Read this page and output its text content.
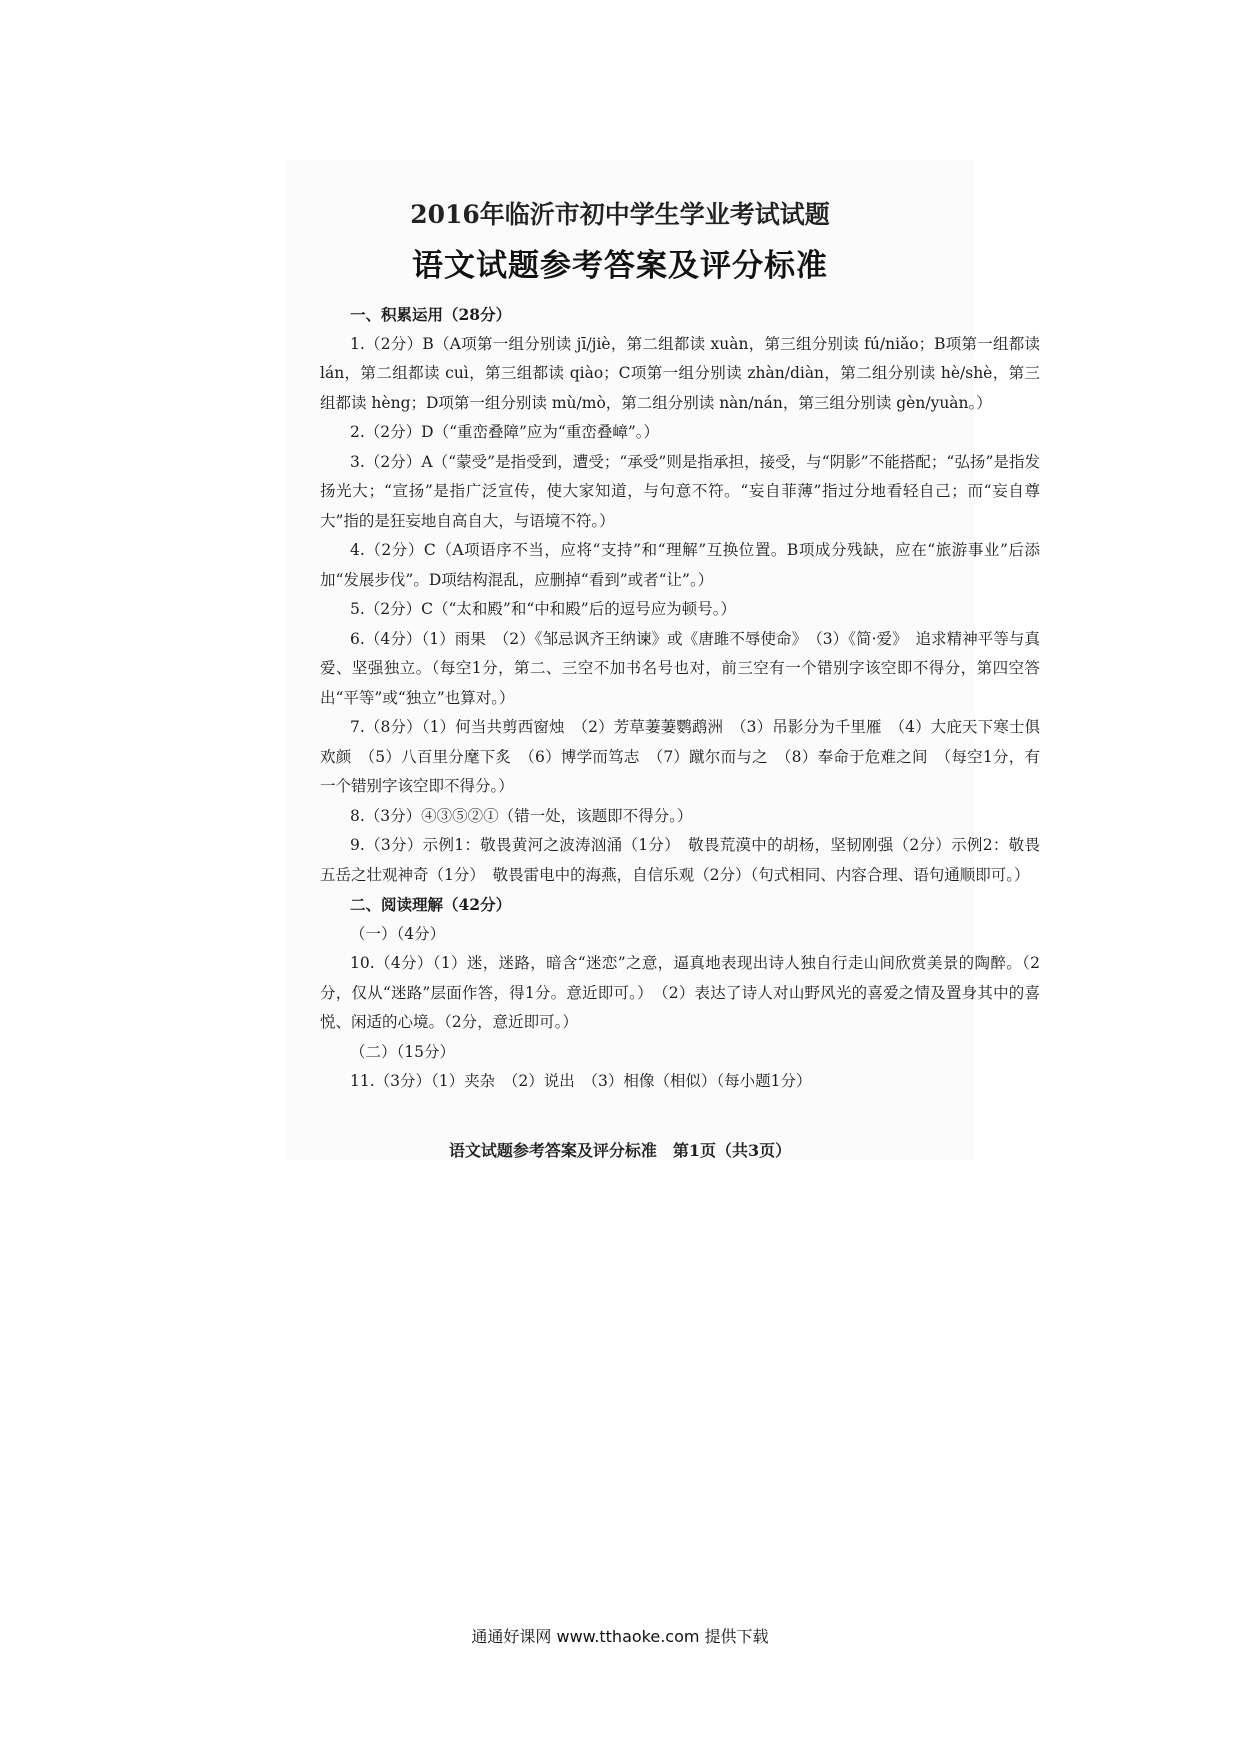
2016年临沂市初中学生学业考试试题
语文试题参考答案及评分标准

一、积累运用（28分）

1.（2分）B（A项第一组分别读 jī/jiè，第二组都读 xuàn，第三组分别读 fú/niǎo；B项第一组都读 lán，第二组都读 cuì，第三组都读 qiào；C项第一组分别读 zhàn/diàn，第二组分别读 hè/shè，第三组都读 hèng；D项第一组分别读 mù/mò，第二组分别读 nàn/nán，第三组分别读 gèn/yuàn。）

2.（2分）D（“重峦叠障”应为“重峦叠嶂”。）

3.（2分）A（“蒙受”是指受到，遭受；“承受”则是指承担，接受，与“阴影”不能搭配；“弘扬”是指发扬光大；“宣扬”是指广泛宣传，使大家知道，与句意不符。“妄自菲薄”指过分地看轻自己；而“妄自尊大”指的是狂妄地自高自大，与语境不符。）

4.（2分）C（A项语序不当，应将“支持”和“理解”互换位置。B项成分残缺，应在“旅游事业”后添加“发展步伐”。D项结构混乱，应删掉“看到”或者“让”。）

5.（2分）C（“太和殿”和“中和殿”后的逗号应为顿号。）

6.（4分）（1）雨果　（2）《邹忌讽齐王纳谏》或《唐雎不辱使命》　（3）《简·爱》　追求精神平等与真爱、坚强独立。（每空1分，第二、三空不加书名号也对，前三空有一个错别字该空即不得分，第四空答出“平等”或“独立”也算对。）

7.（8分）（1）何当共剪西窗烛　（2）芳草萋萋鹦鹉洲　（3）吊影分为千里雁　（4）大庇天下寒士俱欢颜　（5）八百里分麾下炙　（6）博学而笃志　（7）蹴尔而与之　（8）奉命于危难之间　（每空1分，有一个错别字该空即不得分。）

8.（3分）④③⑤②①（错一处，该题即不得分。）

9.（3分）示例1：敬畏黄河之波涛汹涌（1分）　敬畏荒漠中的胡杨，坚韧刚强（2分）示例2：敬畏五岳之壮观神奇（1分）　敬畏雷电中的海燕，自信乐观（2分）（句式相同、内容合理、语句通顺即可。）

二、阅读理解（42分）

（一）（4分）

10.（4分）（1）迷，迷路，暗含“迷恋”之意，逼真地表现出诗人独自行走山间欣赏美景的陶醉。（2分，仅从“迷路”层面作答，得1分。意近即可。）　（2）表达了诗人对山野风光的喜爱之情及置身其中的喜悦、闲适的心境。（2分，意近即可。）

（二）（15分）

11.（3分）（1）夹杂　（2）说出　（3）相像（相似）（每小题1分）

语文试题参考答案及评分标准　第1页（共3页）
通通好课网 www.tthaoke.com 提供下载
